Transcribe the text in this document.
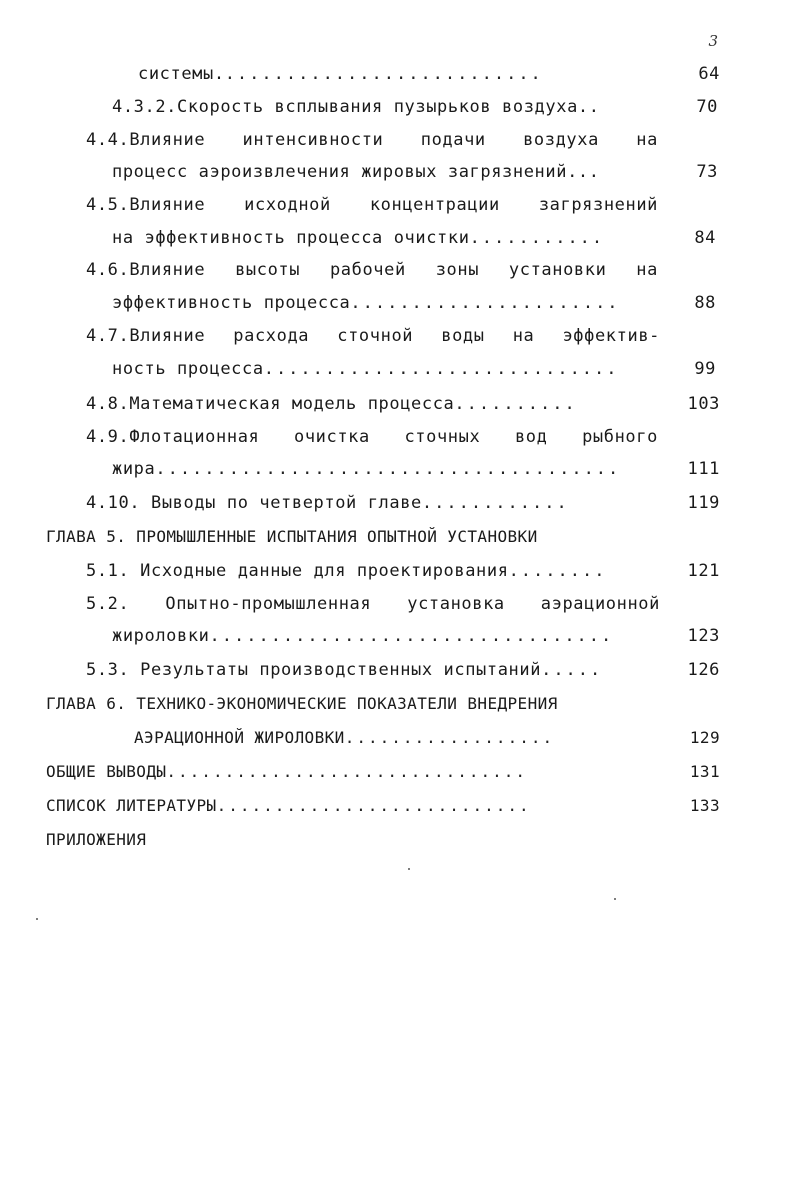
3
системы...........................	64
4.3.2.Скорость всплывания пузырьков воздуха..	70
4.4.Влияние интенсивности подачи воздуха на
процесс аэроизвлечения жировых загрязнений...	73
4.5.Влияние исходной концентрации загрязнений
на эффективность процесса очистки...........	84
4.6.Влияние высоты рабочей зоны установки на
эффективность процесса......................	88
4.7.Влияние расхода сточной воды на эффектив-
ность процесса.............................	99
4.8.Математическая модель процесса..........	103
4.9.Флотационная очистка сточных вод рыбного
жира......................................	111
4.10. Выводы по четвертой главе............	119
ГЛАВА 5. ПРОМЫШЛЕННЫЕ ИСПЫТАНИЯ ОПЫТНОЙ УСТАНОВКИ
5.1. Исходные данные для проектирования........	121
5.2. Опытно-промышленная установка аэрационной
жироловки.................................	123
5.3. Результаты производственных испытаний.....	126
ГЛАВА 6. ТЕХНИКО-ЭКОНОМИЧЕСКИЕ ПОКАЗАТЕЛИ ВНЕДРЕНИЯ
АЭРАЦИОННОЙ ЖИРОЛОВКИ..................	129
ОБЩИЕ ВЫВОДЫ...............................	131
СПИСОК ЛИТЕРАТУРЫ...........................	133
ПРИЛОЖЕНИЯ
